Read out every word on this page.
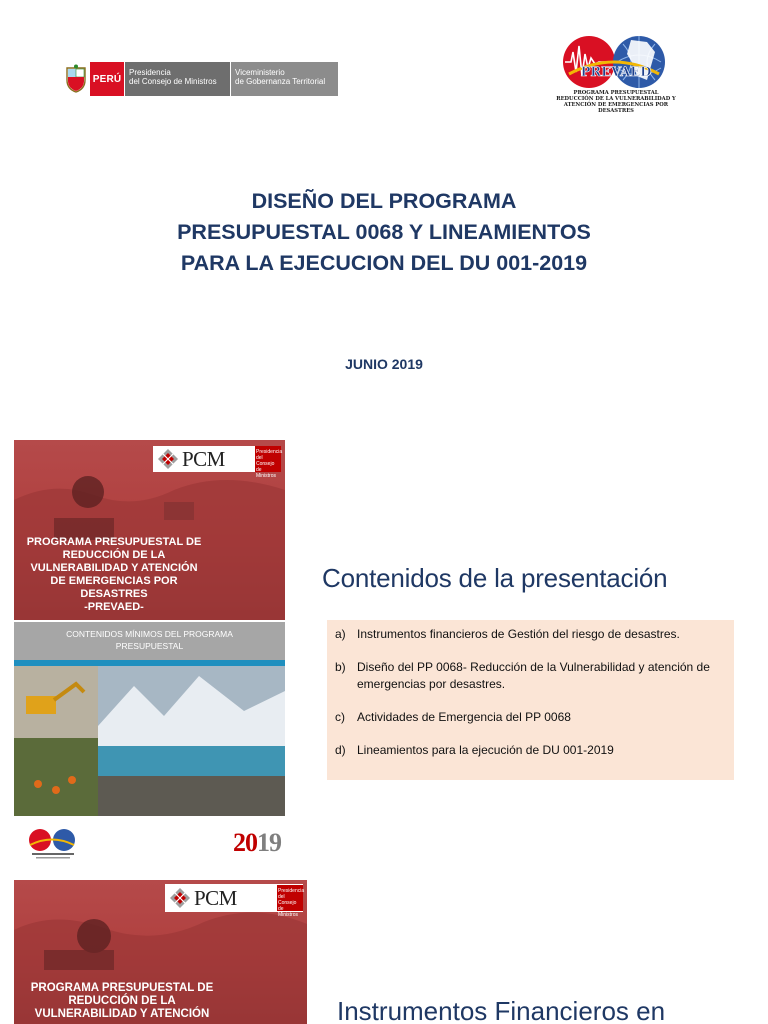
PERÚ
Presidencia
del Consejo de Ministros
Viceministerio
de Gobernanza Territorial
PREVAED
PROGRAMA PRESUPUESTAL
REDUCCIÓN DE LA VULNERABILIDAD Y
ATENCIÓN DE EMERGENCIAS POR DESASTRES
DISEÑO DEL PROGRAMA
PRESUPUESTAL 0068 Y LINEAMIENTOS
PARA LA EJECUCION DEL DU 001-2019
JUNIO 2019
PCM	Presidencia del Consejo de Ministros
PROGRAMA PRESUPUESTAL DE
REDUCCIÓN DE LA
VULNERABILIDAD Y ATENCIÓN
DE EMERGENCIAS POR
DESASTRES
-PREVAED-
CONTENIDOS MÍNIMOS DEL PROGRAMA
PRESUPUESTAL
2019
Contenidos de la presentación
a) Instrumentos financieros de Gestión del riesgo de desastres.
b) Diseño del PP 0068- Reducción de la Vulnerabilidad y atención de emergencias por desastres.
c)	Actividades de Emergencia del PP 0068
d) Lineamientos para la ejecución de DU 001-2019
PCM	Presidencia del Consejo de Ministros
PROGRAMA PRESUPUESTAL DE
REDUCCIÓN DE LA
VULNERABILIDAD Y ATENCIÓN	Instrumentos Financieros en
